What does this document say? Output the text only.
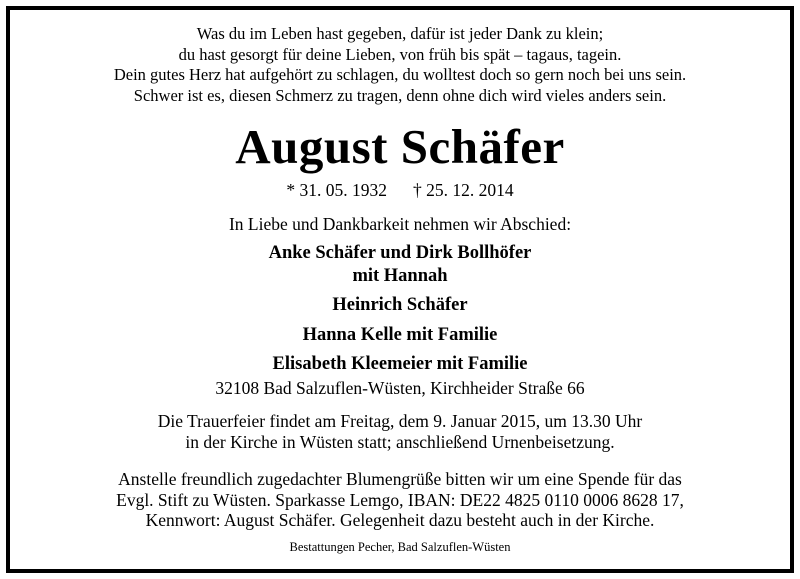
Was du im Leben hast gegeben, dafür ist jeder Dank zu klein;
du hast gesorgt für deine Lieben, von früh bis spät – tagaus, tagein.
Dein gutes Herz hat aufgehört zu schlagen, du wolltest doch so gern noch bei uns sein.
Schwer ist es, diesen Schmerz zu tragen, denn ohne dich wird vieles anders sein.
August Schäfer
* 31. 05. 1932 † 25. 12. 2014
In Liebe und Dankbarkeit nehmen wir Abschied:
Anke Schäfer und Dirk Bollhöfer
mit Hannah
Heinrich Schäfer
Hanna Kelle mit Familie
Elisabeth Kleemeier mit Familie
32108 Bad Salzuflen-Wüsten, Kirchheider Straße 66
Die Trauerfeier findet am Freitag, dem 9. Januar 2015, um 13.30 Uhr
in der Kirche in Wüsten statt; anschließend Urnenbeisetzung.
Anstelle freundlich zugedachter Blumengrüße bitten wir um eine Spende für das
Evgl. Stift zu Wüsten. Sparkasse Lemgo, IBAN: DE22 4825 0110 0006 8628 17,
Kennwort: August Schäfer. Gelegenheit dazu besteht auch in der Kirche.
Bestattungen Pecher, Bad Salzuflen-Wüsten
